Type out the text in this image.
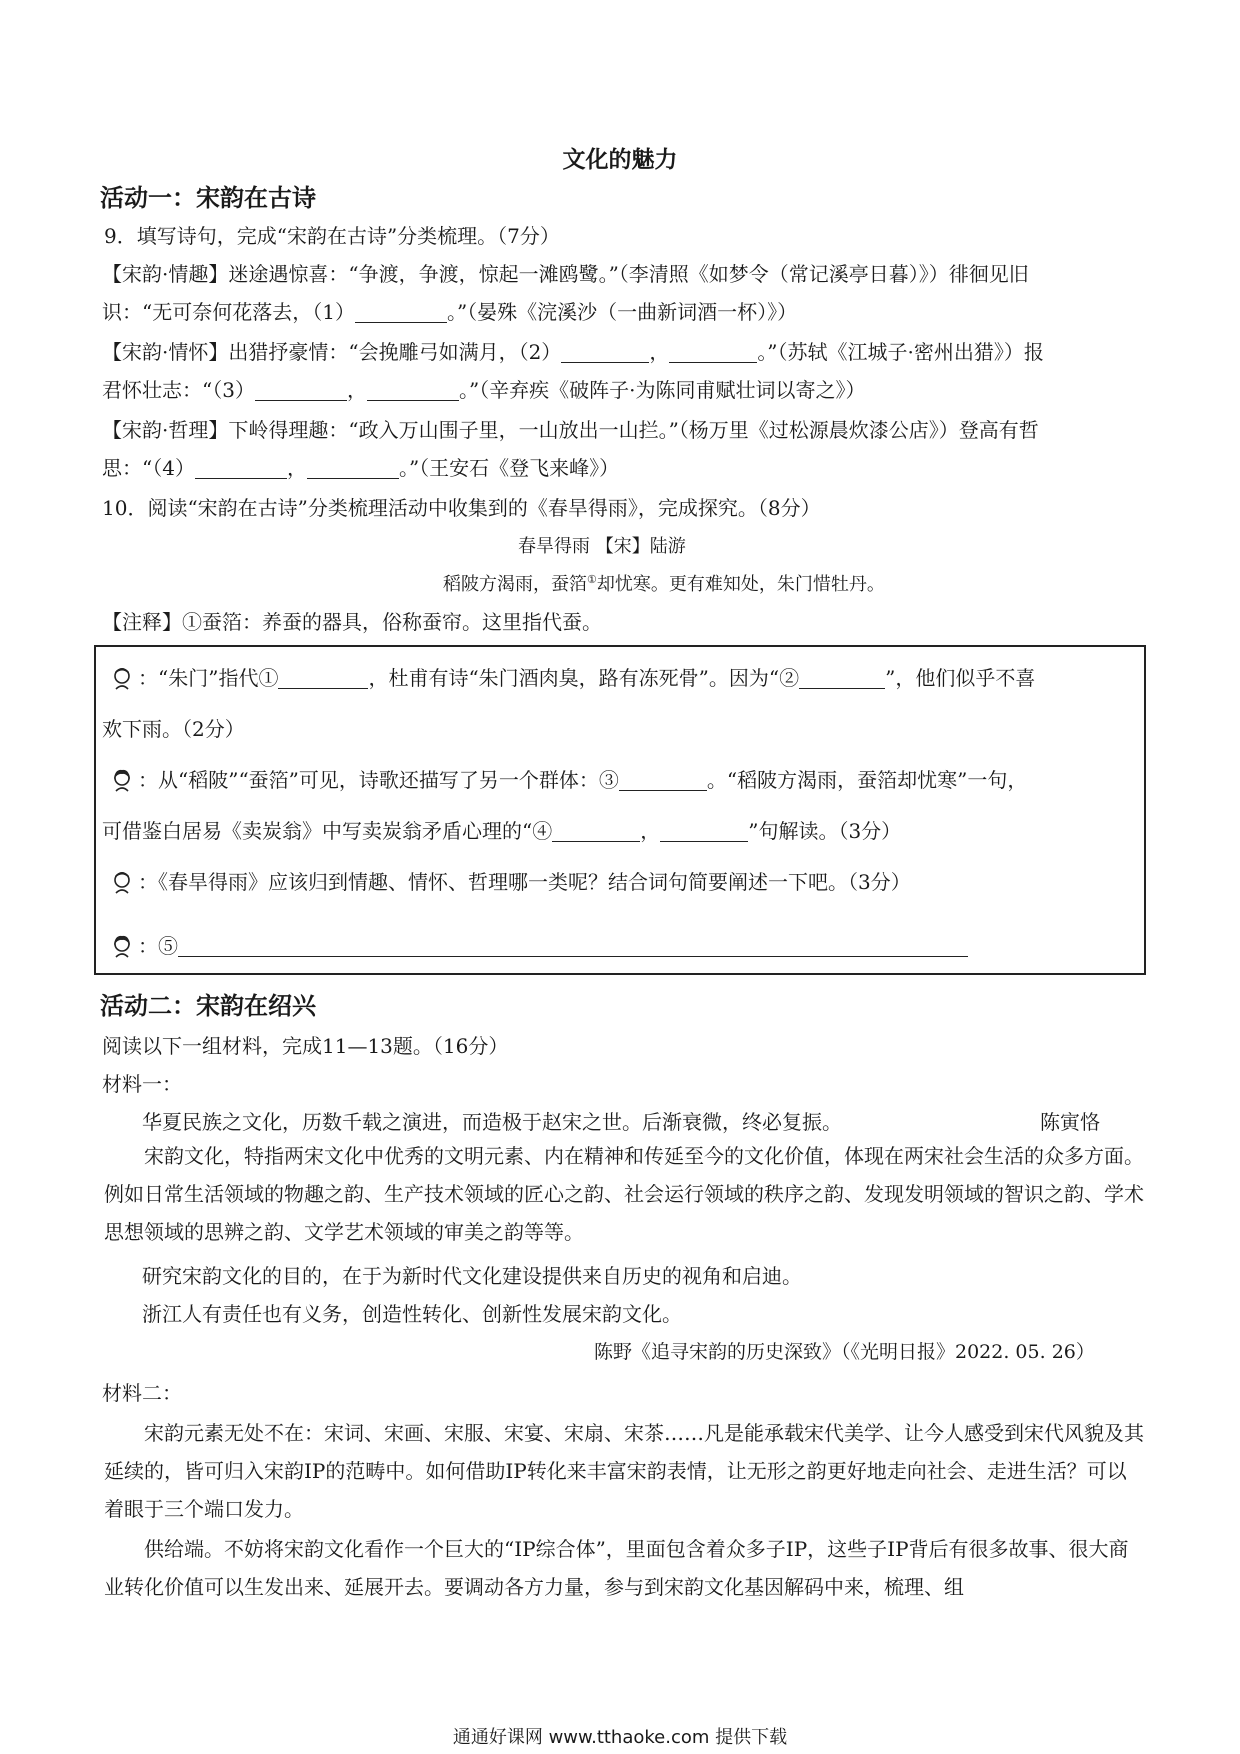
文化的魅力
活动一：宋韵在古诗
9．填写诗句，完成“宋韵在古诗”分类梳理。（7分）
【宋韵·情趣】迷途遇惊喜：“争渡，争渡，惊起一滩鸥鹭。”（李清照《如梦令（常记溪亭日暮）》）徘徊见旧
识：“无可奈何花落去，（1）	。”（晏殊《浣溪沙（一曲新词酒一杯）》）
【宋韵·情怀】出猎抒豪情：“会挽雕弓如满月，（2）	，	。”（苏轼《江城子·密州出猎》）报
君怀壮志：“（3）	，	。”（辛弃疾《破阵子·为陈同甫赋壮词以寄之》）
【宋韵·哲理】下岭得理趣：“政入万山围子里，一山放出一山拦。”（杨万里《过松源晨炊漆公店》）登高有哲
思：“（4）	，	。”（王安石《登飞来峰》）
10．阅读“宋韵在古诗”分类梳理活动中收集到的《春旱得雨》，完成探究。（8分）
春旱得雨 【宋】陆游
稻陂方渴雨，蚕箔①却忧寒。更有难知处，朱门惜牡丹。
【注释】①蚕箔：养蚕的器具，俗称蚕帘。这里指代蚕。
：“朱门”指代①	，杜甫有诗“朱门酒肉臭，路有冻死骨”。因为“②	”，他们似乎不喜
欢下雨。（2分）
：从“稻陂”“蚕箔”可见，诗歌还描写了另一个群体：③	。“稻陂方渴雨，蚕箔却忧寒”一句，
可借鉴白居易《卖炭翁》中写卖炭翁矛盾心理的“④	，	”句解读。（3分）
：《春旱得雨》应该归到情趣、情怀、哲理哪一类呢？结合词句简要阐述一下吧。（3分）
：⑤
活动二：宋韵在绍兴
阅读以下一组材料，完成11—13题。（16分）
材料一：
华夏民族之文化，历数千载之演进，而造极于赵宋之世。后渐衰微，终必复振。	陈寅恪
宋韵文化，特指两宋文化中优秀的文明元素、内在精神和传延至今的文化价值，体现在两宋社会生活的众多方面。例如日常生活领域的物趣之韵、生产技术领域的匠心之韵、社会运行领域的秩序之韵、发现发明领域的智识之韵、学术思想领域的思辨之韵、文学艺术领域的审美之韵等等。
研究宋韵文化的目的，在于为新时代文化建设提供来自历史的视角和启迪。
浙江人有责任也有义务，创造性转化、创新性发展宋韵文化。
陈野《追寻宋韵的历史深致》（《光明日报》2022. 05. 26）
材料二：
宋韵元素无处不在：宋词、宋画、宋服、宋宴、宋扇、宋茶……凡是能承载宋代美学、让今人感受到宋代风貌及其延续的，皆可归入宋韵IP的范畴中。如何借助IP转化来丰富宋韵表情，让无形之韵更好地走向社会、走进生活？可以着眼于三个端口发力。
供给端。不妨将宋韵文化看作一个巨大的“IP综合体”，里面包含着众多子IP，这些子IP背后有很多故事、很大商业转化价值可以生发出来、延展开去。要调动各方力量，参与到宋韵文化基因解码中来，梳理、组
通通好课网 www.tthaoke.com 提供下载
